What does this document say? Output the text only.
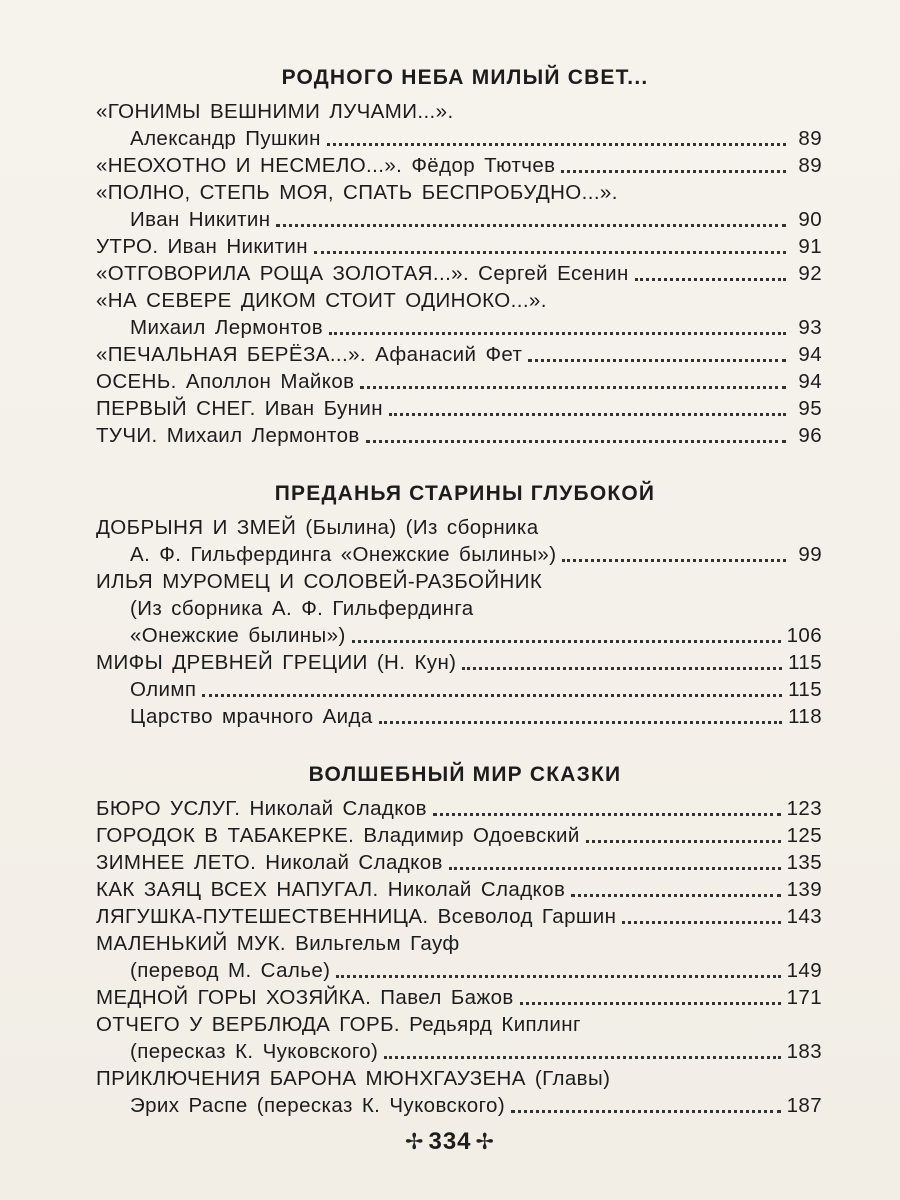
РОДНОГО НЕБА МИЛЫЙ СВЕТ...
«ГОНИМЫ ВЕШНИМИ ЛУЧАМИ...».
Александр Пушкин	89
«НЕОХОТНО И НЕСМЕЛО...». Фёдор Тютчев	89
«ПОЛНО, СТЕПЬ МОЯ, СПАТЬ БЕСПРОБУДНО...».
Иван Никитин	90
УТРО. Иван Никитин	91
«ОТГОВОРИЛА РОЩА ЗОЛОТАЯ...». Сергей Есенин	92
«НА СЕВЕРЕ ДИКОМ СТОИТ ОДИНОКО...».
Михаил Лермонтов	93
«ПЕЧАЛЬНАЯ БЕРЁЗА...». Афанасий Фет	94
ОСЕНЬ. Аполлон Майков	94
ПЕРВЫЙ СНЕГ. Иван Бунин	95
ТУЧИ. Михаил Лермонтов	96
ПРЕДАНЬЯ СТАРИНЫ ГЛУБОКОЙ
ДОБРЫНЯ И ЗМЕЙ (Былина) (Из сборника
А. Ф. Гильфердинга «Онежские былины»)	99
ИЛЬЯ МУРОМЕЦ И СОЛОВЕЙ-РАЗБОЙНИК
(Из сборника А. Ф. Гильфердинга
«Онежские былины»)	106
МИФЫ ДРЕВНЕЙ ГРЕЦИИ (Н. Кун)	115
Олимп	115
Царство мрачного Аида	118
ВОЛШЕБНЫЙ МИР СКАЗКИ
БЮРО УСЛУГ. Николай Сладков	123
ГОРОДОК В ТАБАКЕРКЕ. Владимир Одоевский	125
ЗИМНЕЕ ЛЕТО. Николай Сладков	135
КАК ЗАЯЦ ВСЕХ НАПУГАЛ. Николай Сладков	139
ЛЯГУШКА-ПУТЕШЕСТВЕННИЦА. Всеволод Гаршин	143
МАЛЕНЬКИЙ МУК. Вильгельм Гауф
(перевод М. Салье)	149
МЕДНОЙ ГОРЫ ХОЗЯЙКА. Павел Бажов	171
ОТЧЕГО У ВЕРБЛЮДА ГОРБ. Редьярд Киплинг
(пересказ К. Чуковского)	183
ПРИКЛЮЧЕНИЯ БАРОНА МЮНХГАУЗЕНА (Главы)
Эрих Распе (пересказ К. Чуковского)	187
✢ 334 ✢
